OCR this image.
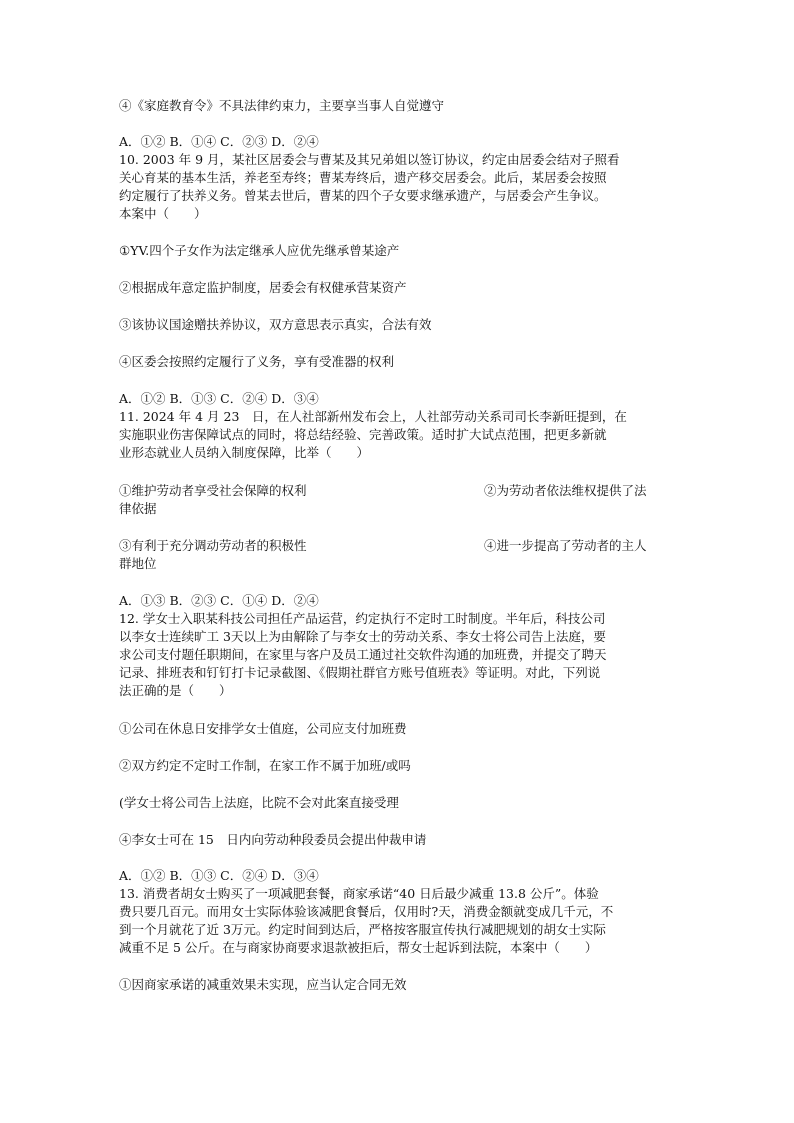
④《家庭教育令》不具法律约束力，主要享当事人自觉遵守
A．①② B．①④ C．②③ D．②④
10. 2003 年 9 月，某社区居委会与曹某及其兄弟姐以签订协议，约定由居委会结对子照看
关心育某的基本生活，养老至寿终；曹某寿终后，遗产移交居委会。此后，某居委会按照
约定履行了扶养义务。曾某去世后，曹某的四个子女要求继承遗产，与居委会产生争议。
本案中（　　）
①YV.四个子女作为法定继承人应优先继承曾某途产
②根据成年意定监护制度，居委会有权健承营某资产
③该协议国途赠扶养协议，双方意思表示真实，合法有效
④区委会按照约定履行了义务，享有受准器的权利
A．①② B．①③ C．②④ D．③④
11. 2024 年 4 月 23　日，在人社部新州发布会上，人社部劳动关系司司长李新旺提到，在
实施职业伤害保障试点的同时，将总结经验、完善政策。适时扩大试点范围，把更多新就
业形态就业人员纳入制度保障，比举（　　）
①维护劳动者享受社会保障的权利	②为劳动者依法维权提供了法
律依据
③有利于充分调动劳动者的积极性	④进一步提高了劳动者的主人
群地位
A．①③ B．②③ C．①④ D．②④
12. 学女士入职某科技公司担任产品运营，约定执行不定时工时制度。半年后，科技公司
以李女士连续旷工 3天以上为由解除了与李女士的劳动关系、李女士将公司告上法庭，要
求公司支付题任职期间，在家里与客户及员工通过社交软件沟通的加班费，并提交了聘天
记录、排班表和钉钉打卡记录截图、《假期社群官方账号值班表》等证明。对此，下列说
法正确的是（　　）
①公司在休息日安排学女士值庭，公司应支付加班费
②双方约定不定时工作制，在家工作不属于加班/或吗
(学女士将公司告上法庭，比院不会对此案直接受理
④李女士可在 15　日内向劳动种段委员会提出仲裁申请
A．①② B．①③ C．②④ D．③④
13. 消费者胡女士购买了一项减肥套餐，商家承诺“40 日后最少减重 13.8 公斤”。体验
费只要几百元。而用女士实际体验该减肥食餐后，仅用时?天，消费金额就变成几千元，不
到一个月就花了近 3万元。约定时间到达后，严格按客服宣传执行减肥规划的胡女士实际
减重不足 5 公斤。在与商家协商要求退款被拒后，帮女士起诉到法院，本案中（　　）
①因商家承诺的减重效果未实现，应当认定合同无效
